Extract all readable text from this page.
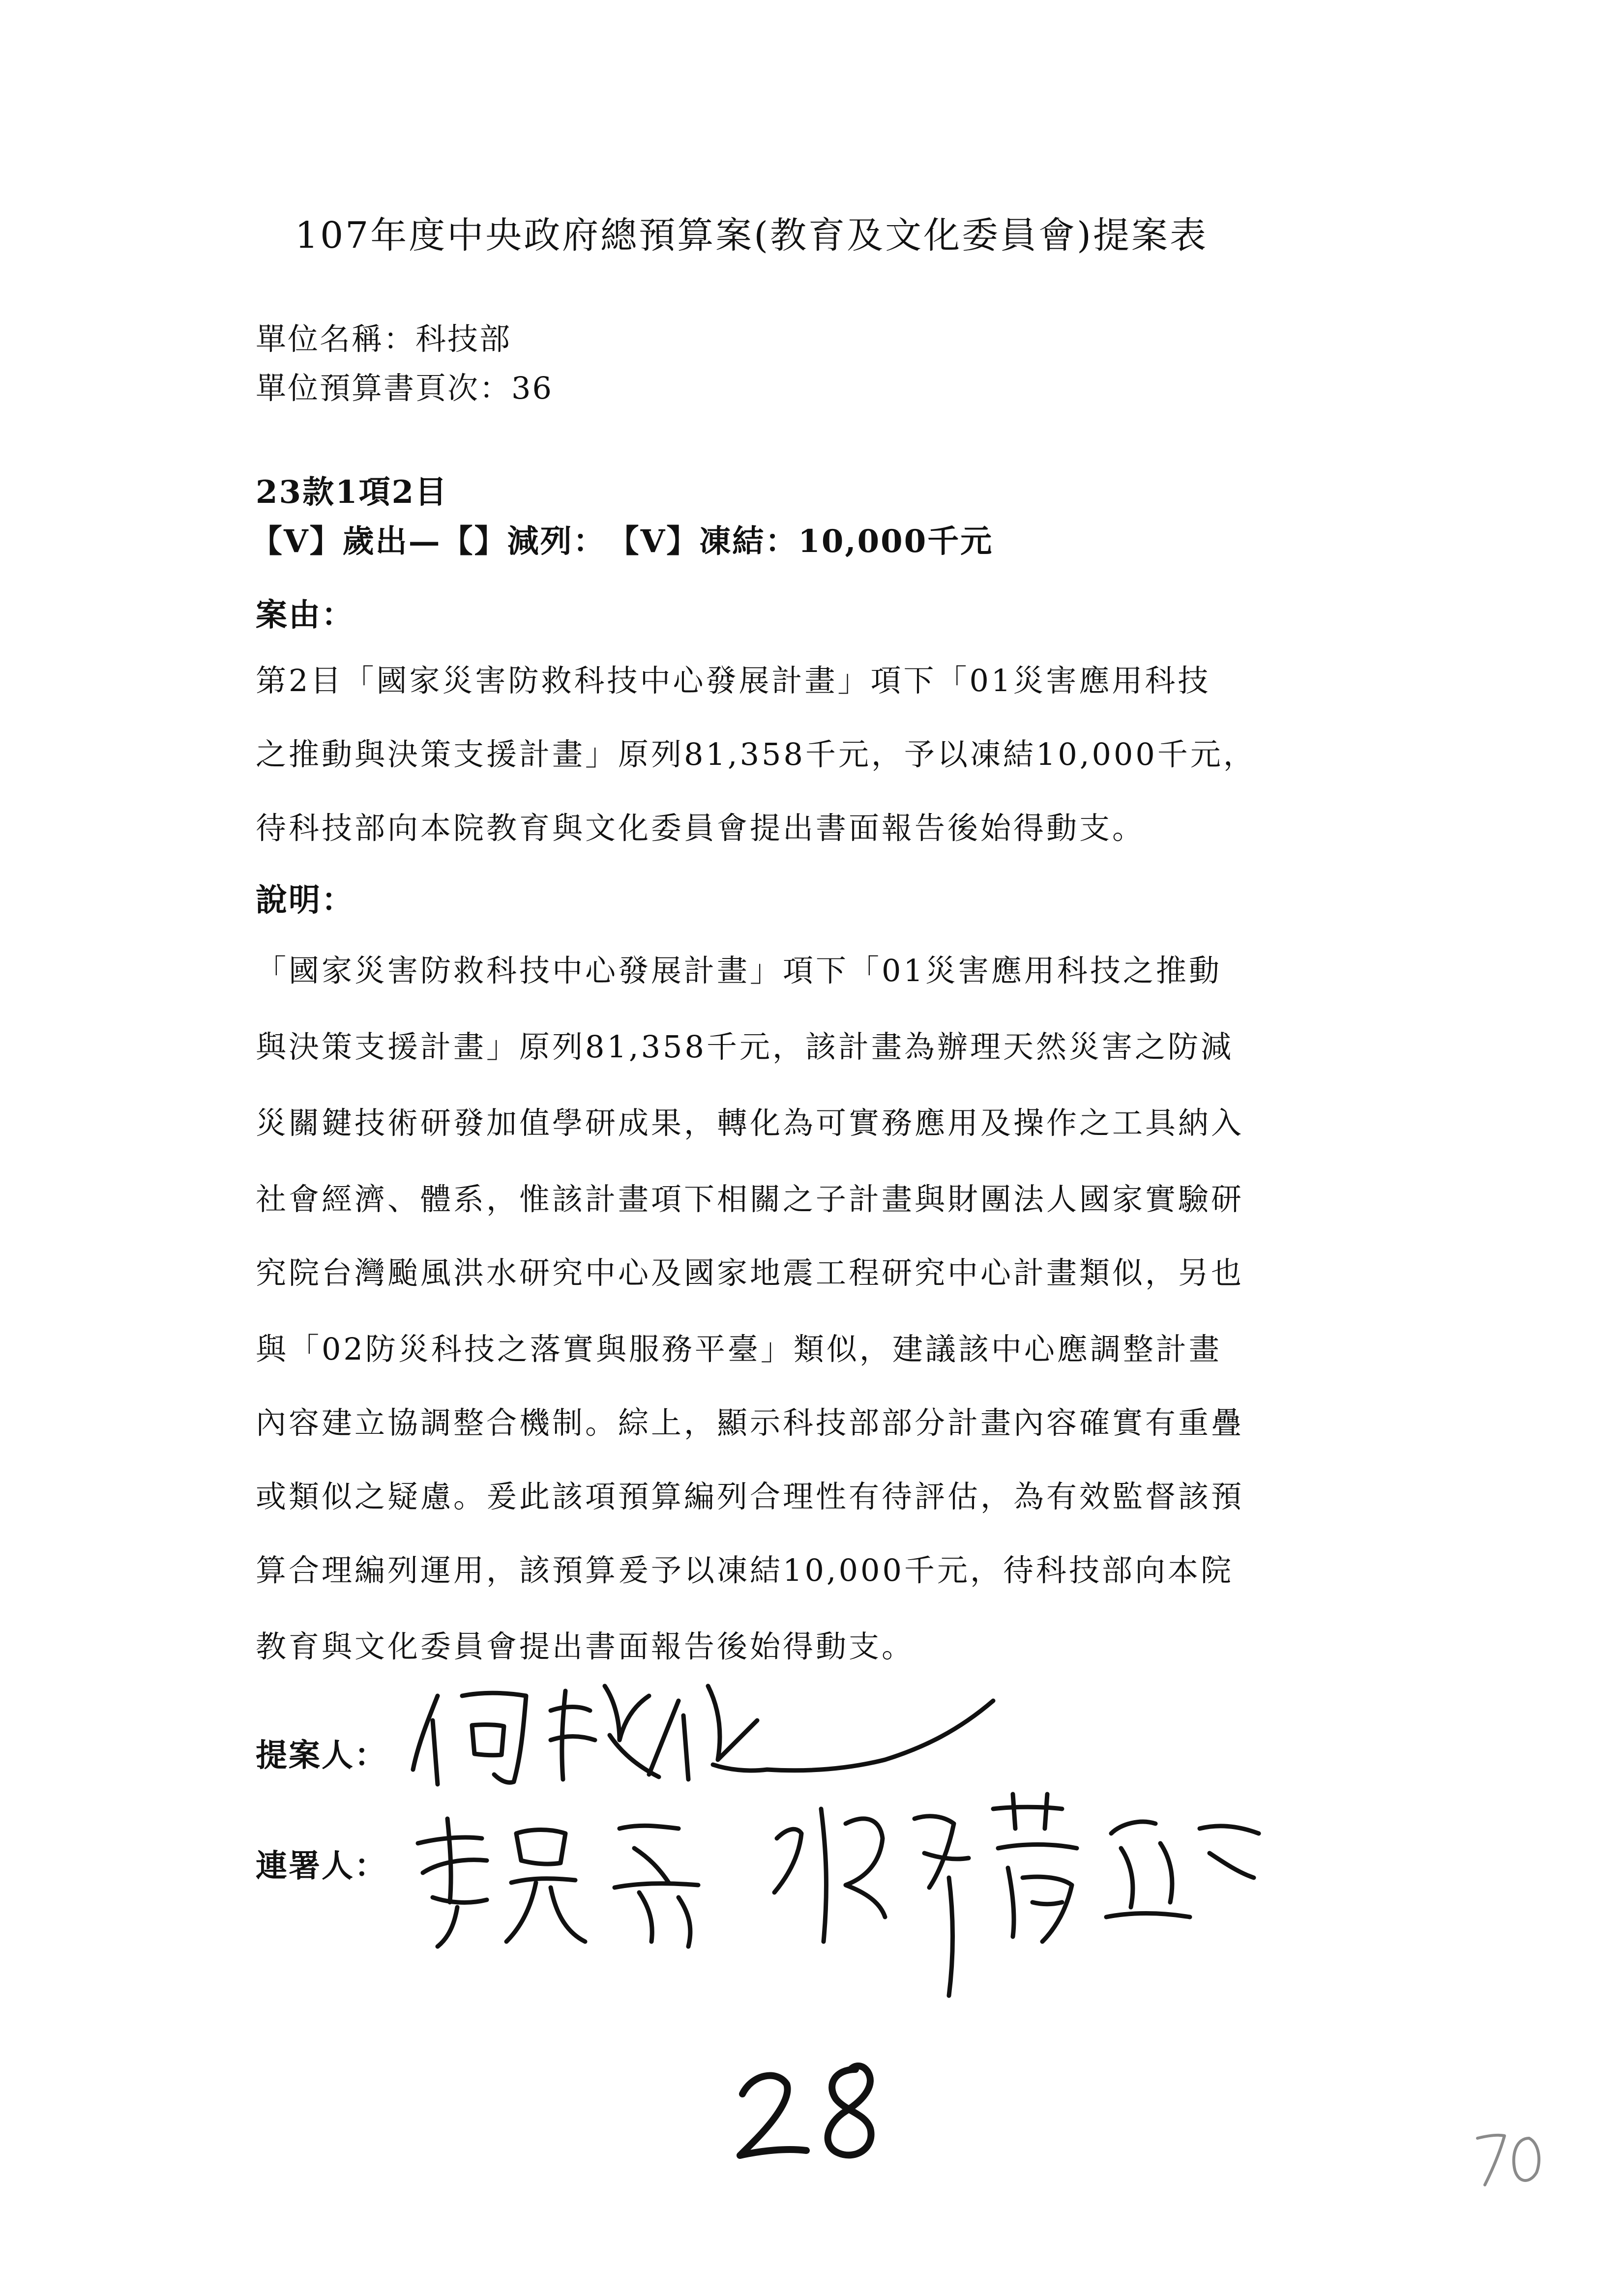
107年度中央政府總預算案(教育及文化委員會)提案表
單位名稱：科技部
單位預算書頁次：36
23款1項2目
【V】歲出—【】減列：　【V】凍結：10,000千元
案由：
第2目「國家災害防救科技中心發展計畫」項下「01災害應用科技
之推動與決策支援計畫」原列81,358千元，予以凍結10,000千元，
待科技部向本院教育與文化委員會提出書面報告後始得動支。
說明：
「國家災害防救科技中心發展計畫」項下「01災害應用科技之推動
與決策支援計畫」原列81,358千元，該計畫為辦理天然災害之防減
災關鍵技術研發加值學研成果，轉化為可實務應用及操作之工具納入
社會經濟、體系，惟該計畫項下相關之子計畫與財團法人國家實驗研
究院台灣颱風洪水研究中心及國家地震工程研究中心計畫類似，另也
與「02防災科技之落實與服務平臺」類似，建議該中心應調整計畫
內容建立協調整合機制。綜上，顯示科技部部分計畫內容確實有重疊
或類似之疑慮。爰此該項預算編列合理性有待評估，為有效監督該預
算合理編列運用，該預算爰予以凍結10,000千元，待科技部向本院
教育與文化委員會提出書面報告後始得動支。
提案人：
連署人：
